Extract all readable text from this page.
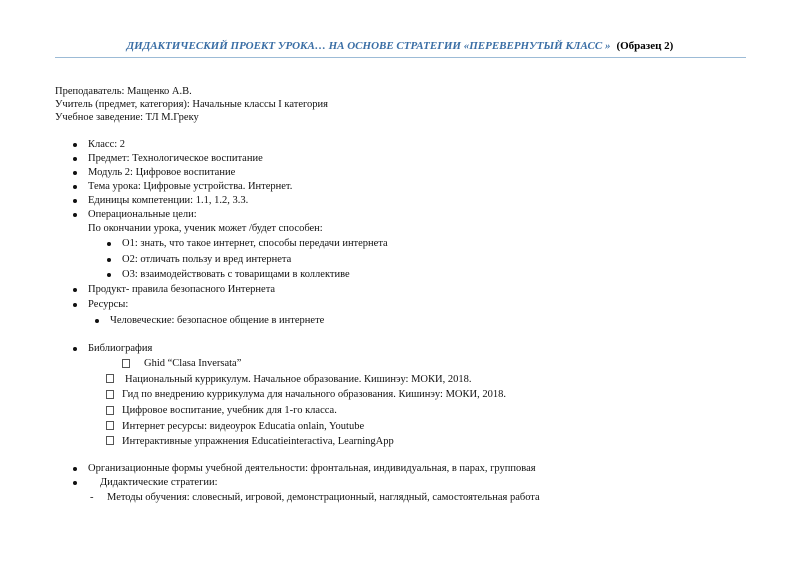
ДИДАКТИЧЕСКИЙ ПРОЕКТ УРОКА… НА ОСНОВЕ СТРАТЕГИИ «ПЕРЕВЕРНУТЫЙ КЛАСС » (Образец 2)
Преподаватель: Мащенко А.В.
Учитель (предмет, категория): Начальные классы I категория
Учебное заведение: ТЛ М.Греку
Класс: 2
Предмет: Технологическое воспитание
Модуль 2: Цифровое воспитание
Тема урока: Цифровые устройства. Интернет.
Единицы компетенции: 1.1, 1.2, 3.3.
Операциональные цели:
По окончании урока, ученик может /будет способен:
О1: знать, что такое интернет, способы передачи интернета
О2: отличать пользу и вред интернета
О3: взаимодействовать с товарищами в коллективе
Продукт- правила безопасного Интернета
Ресурсы:
Человеческие: безопасное общение в интернете
Библиография
Ghid “Clasa Inversata”
Национальный куррикулум. Начальное образование. Кишинэу: МОКИ, 2018.
Гид по внедрению куррикулума для начального образования. Кишинэу: МОКИ, 2018.
Цифровое воспитание, учебник для 1-го класса.
Интернет ресурсы: видеоурок Educatia onlain, Youtube
Интерактивные упражнения Educatieinteractiva, LearningApp
Организационные формы учебной деятельности: фронтальная, индивидуальная, в парах, групповая
Дидактические стратегии:
- Методы обучения: словесный, игровой, демонстрационный, наглядный, самостоятельная работа
